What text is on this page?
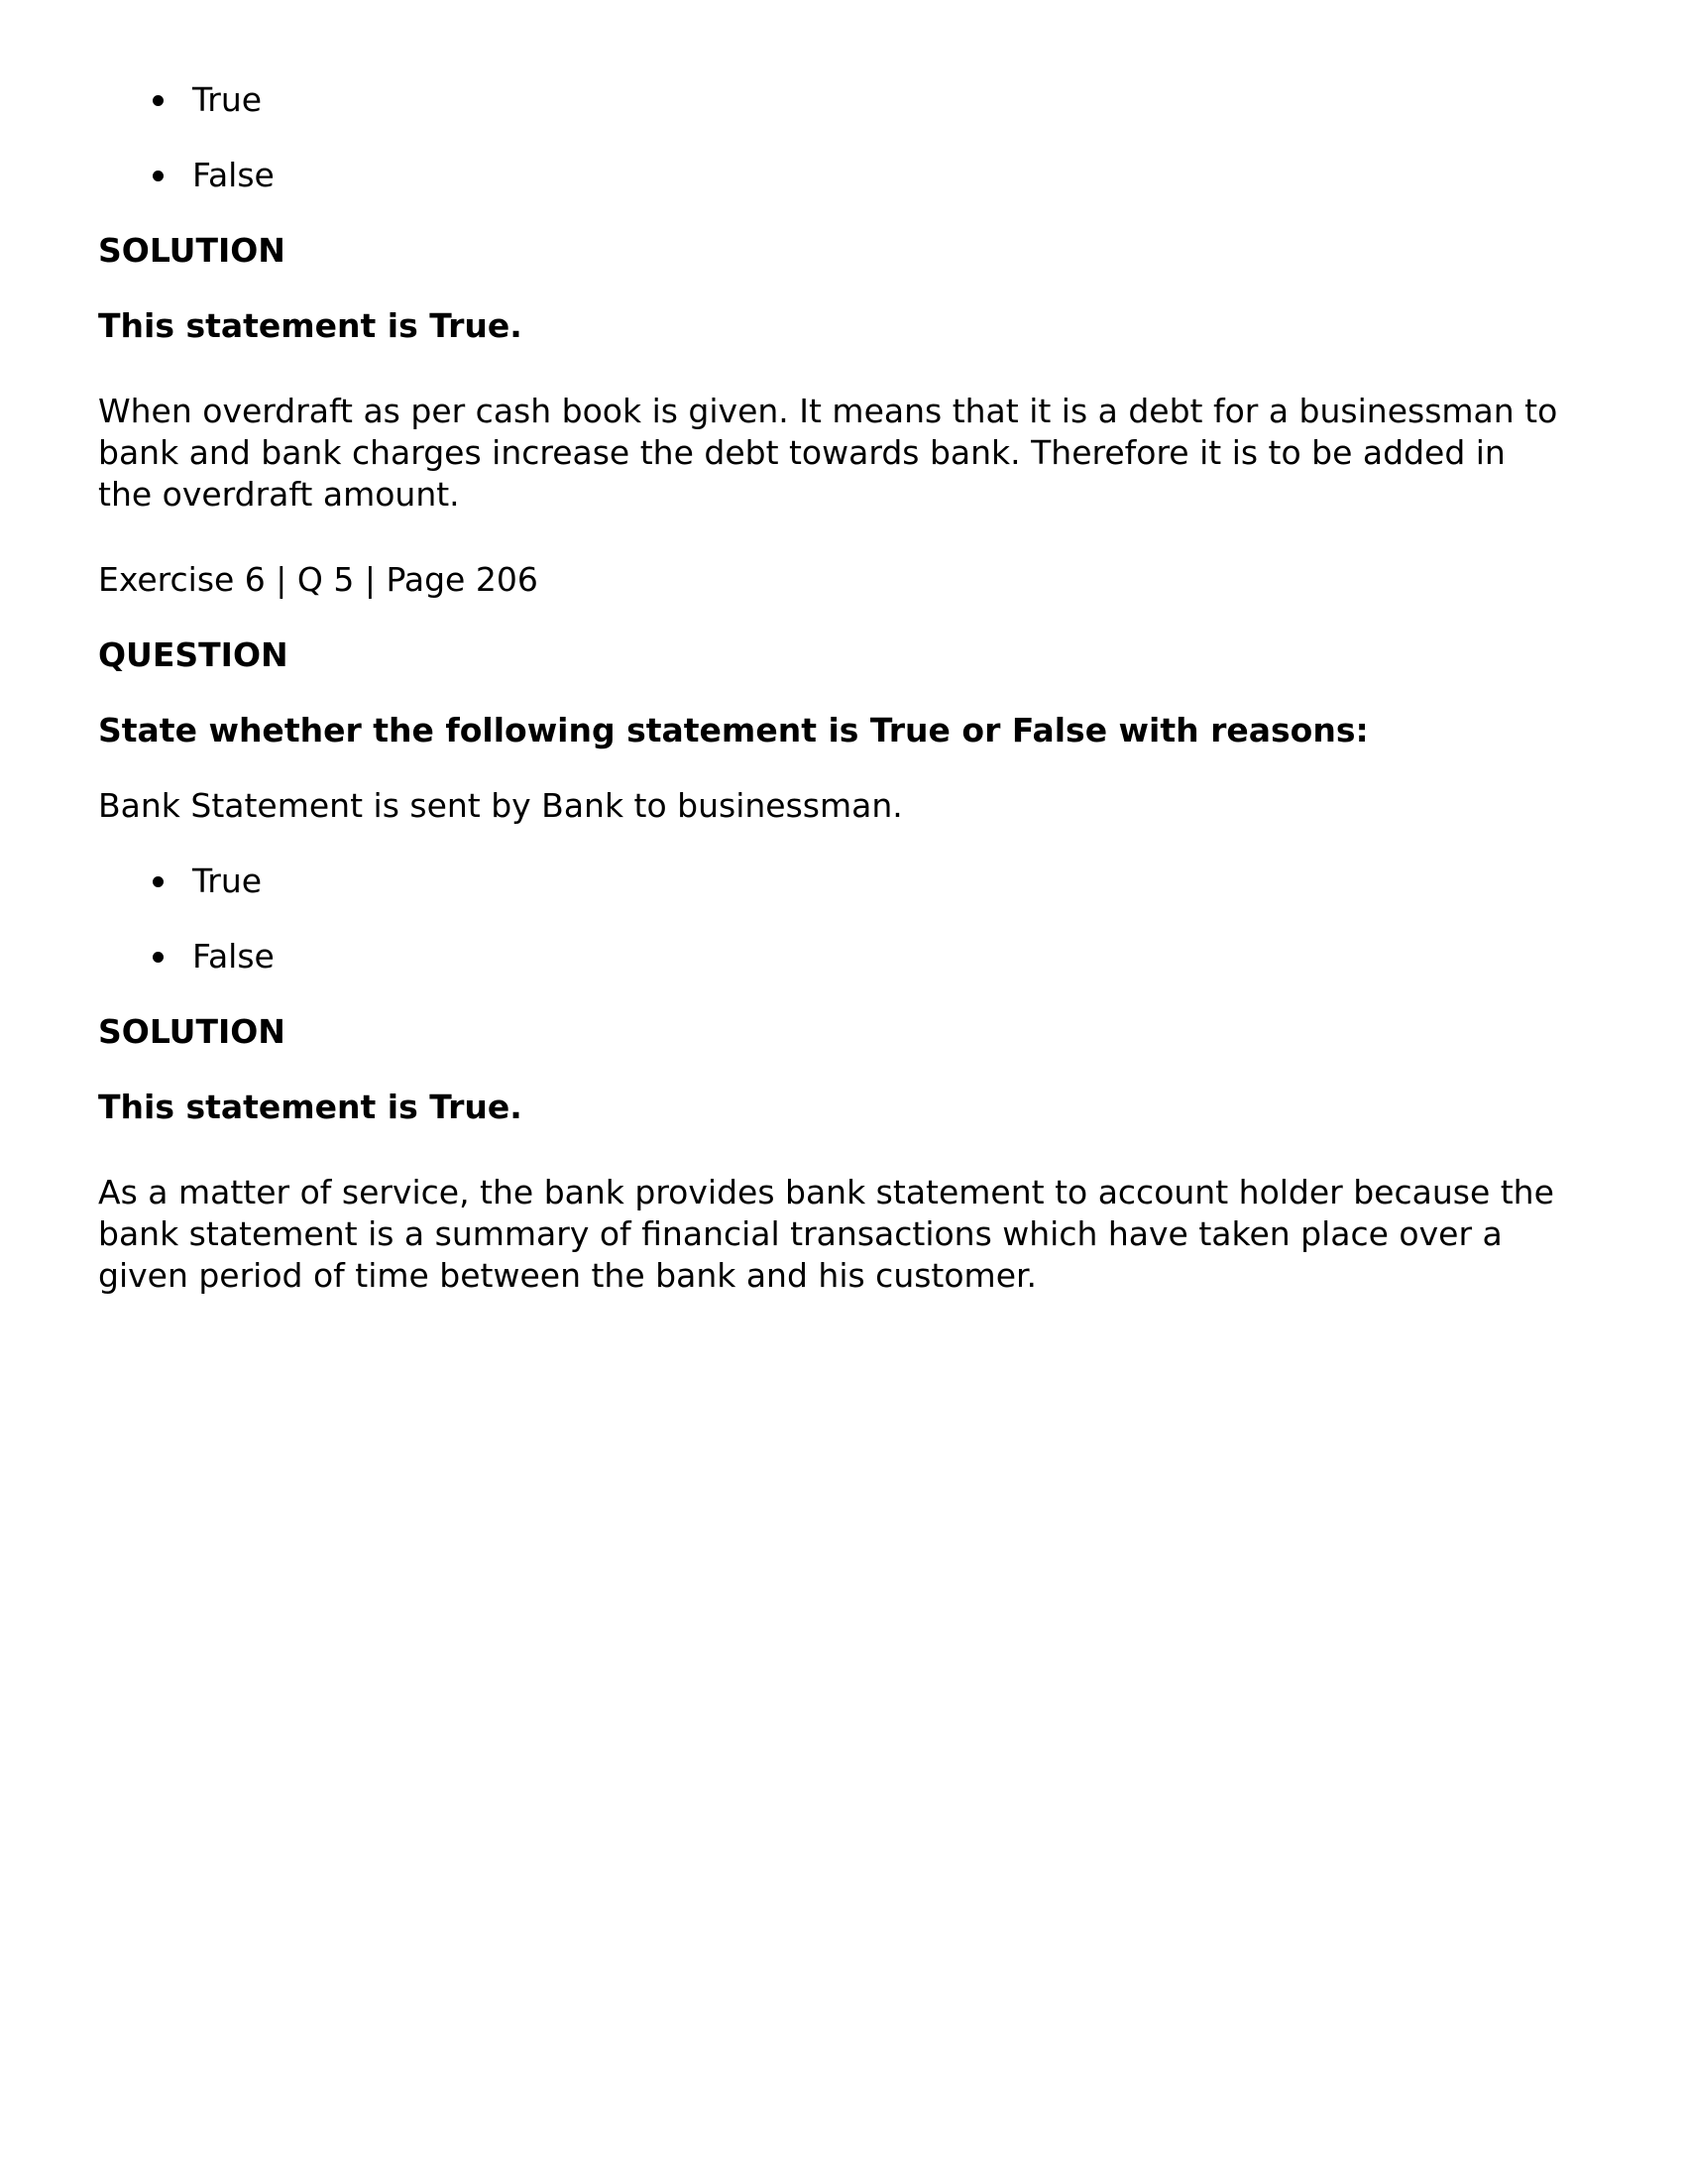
True
False
SOLUTION
This statement is True.
When overdraft as per cash book is given. It means that it is a debt for a businessman to
bank and bank charges increase the debt towards bank. Therefore it is to be added in
the overdraft amount.
Exercise 6 | Q 5 | Page 206
QUESTION
State whether the following statement is True or False with reasons:
Bank Statement is sent by Bank to businessman.
True
False
SOLUTION
This statement is True.
As a matter of service, the bank provides bank statement to account holder because the
bank statement is a summary of financial transactions which have taken place over a
given period of time between the bank and his customer.
